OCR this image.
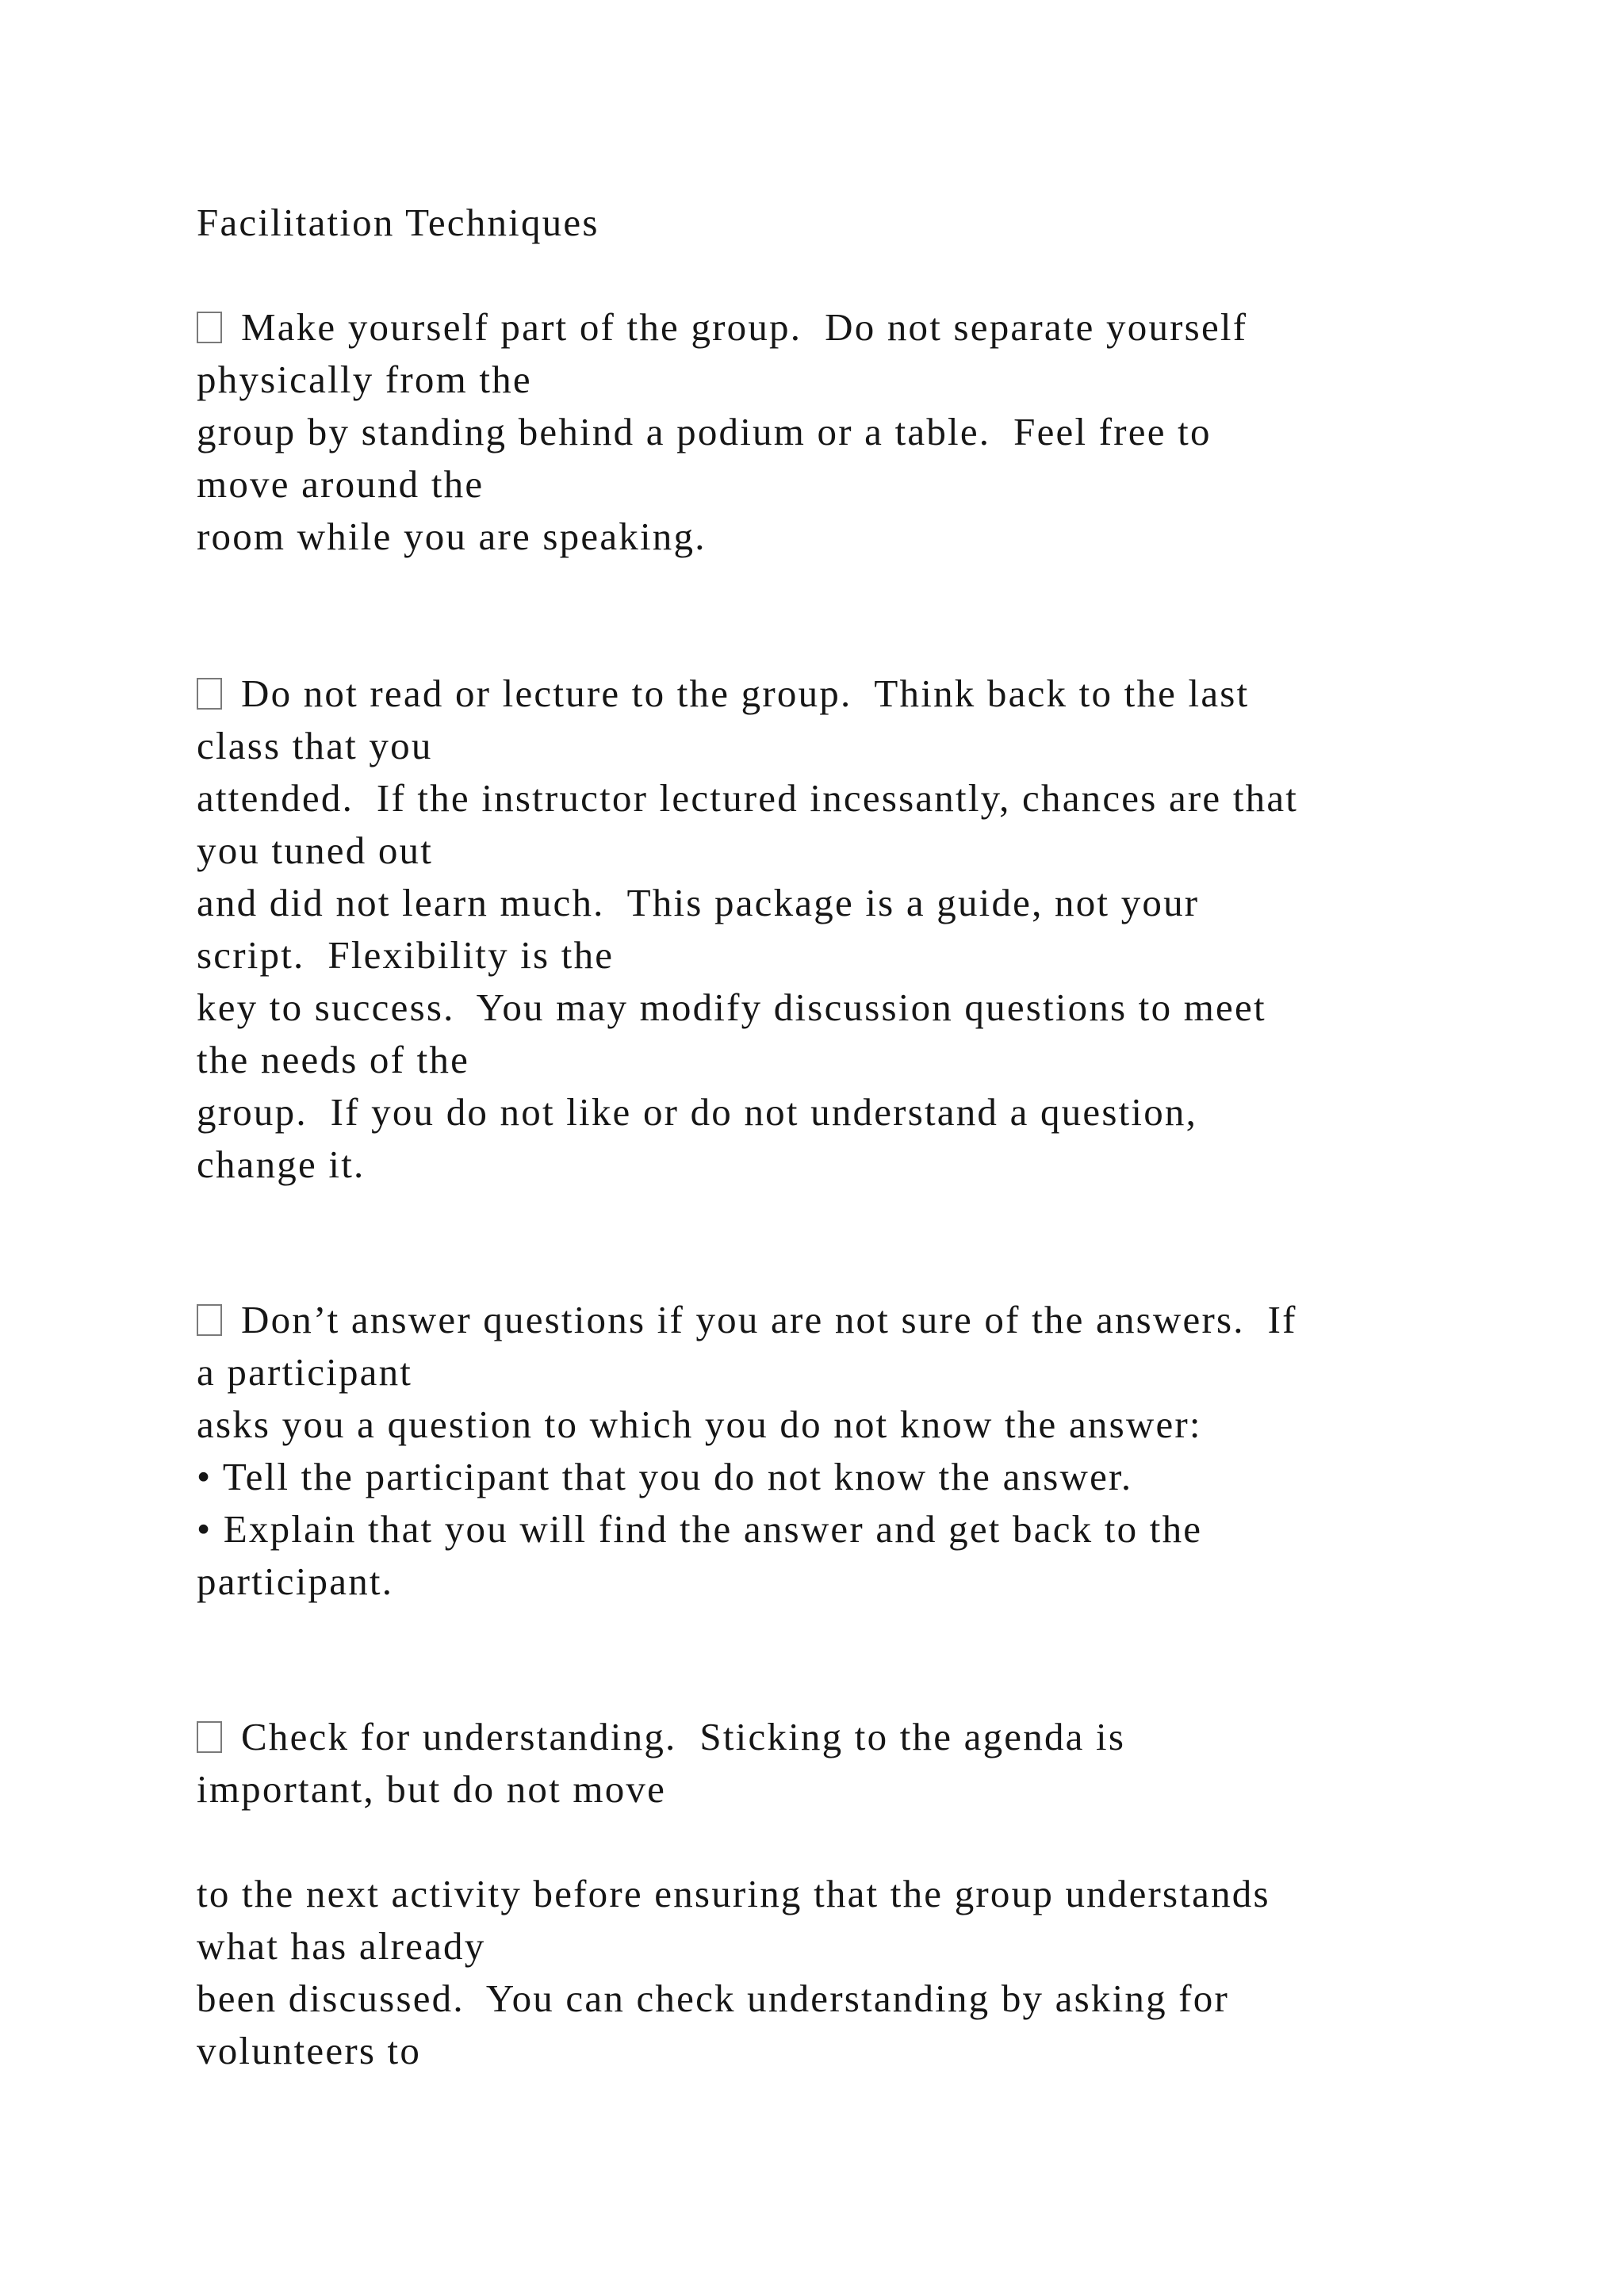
Facilitation Techniques
Make yourself part of the group.  Do not separate yourself
physically from the
group by standing behind a podium or a table.  Feel free to
move around the
room while you are speaking.
Do not read or lecture to the group.  Think back to the last
class that you
attended.  If the instructor lectured incessantly, chances are that
you tuned out
and did not learn much.  This package is a guide, not your
script.  Flexibility is the
key to success.  You may modify discussion questions to meet
the needs of the
group.  If you do not like or do not understand a question,
change it.
Don’t answer questions if you are not sure of the answers.  If
a participant
asks you a question to which you do not know the answer:
• Tell the participant that you do not know the answer.
• Explain that you will find the answer and get back to the
participant.
Check for understanding.  Sticking to the agenda is
important, but do not move
to the next activity before ensuring that the group understands
what has already
been discussed.  You can check understanding by asking for
volunteers to
